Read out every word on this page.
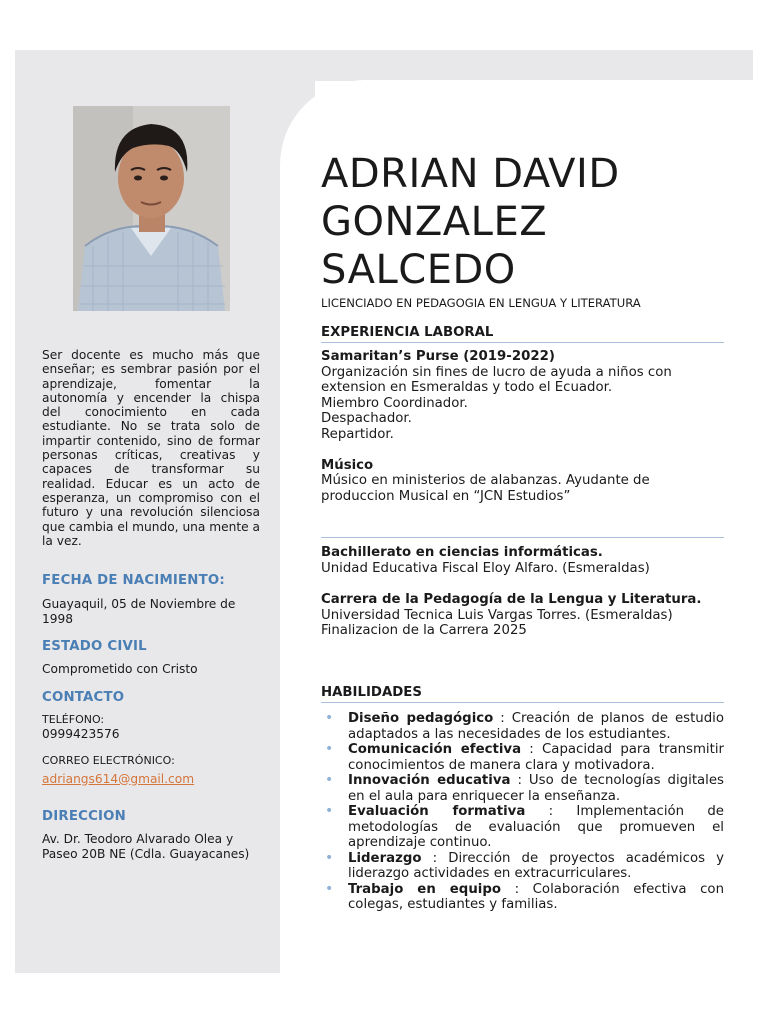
Ser docente es mucho más que enseñar; es sembrar pasión por el aprendizaje, fomentar la autonomía y encender la chispa del conocimiento en cada estudiante. No se trata solo de impartir contenido, sino de formar personas críticas, creativas y capaces de transformar su realidad. Educar es un acto de esperanza, un compromiso con el futuro y una revolución silenciosa que cambia el mundo, una mente a la vez.

FECHA DE NACIMIENTO:
Guayaquil, 05 de Noviembre de 1998
ESTADO CIVIL
Comprometido con Cristo
CONTACTO
TELÉFONO:
0999423576
CORREO ELECTRÓNICO:
adriangs614@gmail.com
DIRECCION
Av. Dr. Teodoro Alvarado Olea y Paseo 20B NE (Cdla. Guayacanes)
ADRIAN DAVID
GONZALEZ
SALCEDO
LICENCIADO EN PEDAGOGIA EN LENGUA Y LITERATURA
EXPERIENCIA LABORAL
Samaritan’s Purse (2019-2022)
Organización sin fines de lucro de ayuda a niños con extension en Esmeraldas y todo el Ecuador.
Miembro Coordinador.
Despachador.
Repartidor.
Músico
Músico en ministerios de alabanzas. Ayudante de produccion Musical en “JCN Estudios”
Bachillerato en ciencias informáticas.
Unidad Educativa Fiscal Eloy Alfaro. (Esmeraldas)
Carrera de la Pedagogía de la Lengua y Literatura.
Universidad Tecnica Luis Vargas Torres. (Esmeraldas)
Finalizacion de la Carrera 2025
HABILIDADES
• Diseño pedagógico : Creación de planos de estudio adaptados a las necesidades de los estudiantes.
• Comunicación efectiva : Capacidad para transmitir conocimientos de manera clara y motivadora.
• Innovación educativa : Uso de tecnologías digitales en el aula para enriquecer la enseñanza.
• Evaluación formativa : Implementación de metodologías de evaluación que promueven el aprendizaje continuo.
• Liderazgo : Dirección de proyectos académicos y liderazgo actividades en extracurriculares.
• Trabajo en equipo : Colaboración efectiva con colegas, estudiantes y familias.
